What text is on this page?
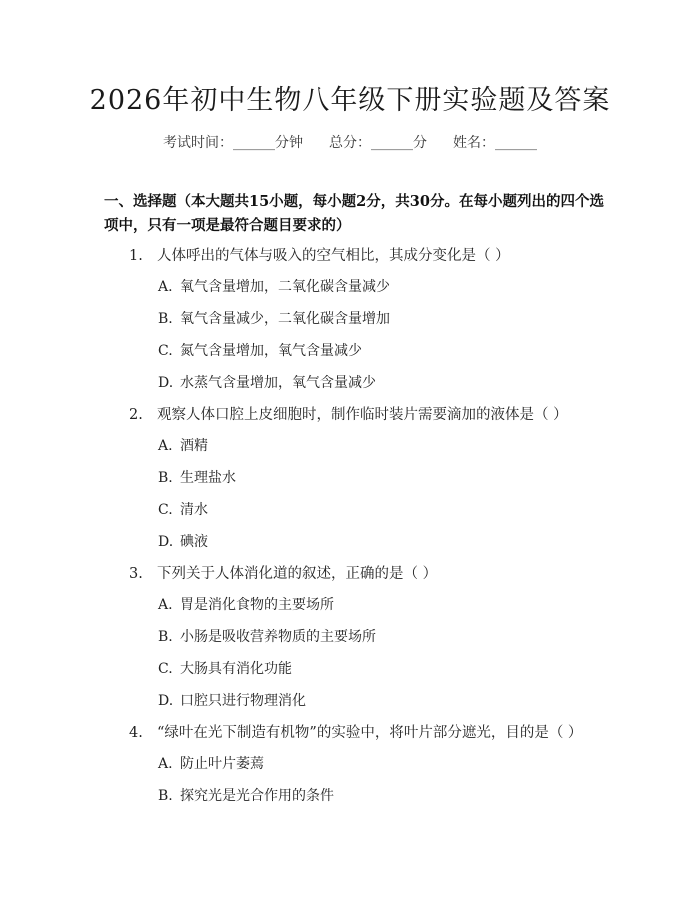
2026年初中生物八年级下册实验题及答案
考试时间：______分钟 总分：______分 姓名：______
一、选择题（本大题共15小题，每小题2分，共30分。在每小题列出的四个选项中，只有一项是最符合题目要求的）
1. 人体呼出的气体与吸入的空气相比，其成分变化是（ ）
A. 氧气含量增加，二氧化碳含量减少
B. 氧气含量减少，二氧化碳含量增加
C. 氮气含量增加，氧气含量减少
D. 水蒸气含量增加，氧气含量减少
2. 观察人体口腔上皮细胞时，制作临时装片需要滴加的液体是（ ）
A. 酒精
B. 生理盐水
C. 清水
D. 碘液
3. 下列关于人体消化道的叙述，正确的是（ ）
A. 胃是消化食物的主要场所
B. 小肠是吸收营养物质的主要场所
C. 大肠具有消化功能
D. 口腔只进行物理消化
4. “绿叶在光下制造有机物”的实验中，将叶片部分遮光，目的是（ ）
A. 防止叶片萎蔫
B. 探究光是光合作用的条件
